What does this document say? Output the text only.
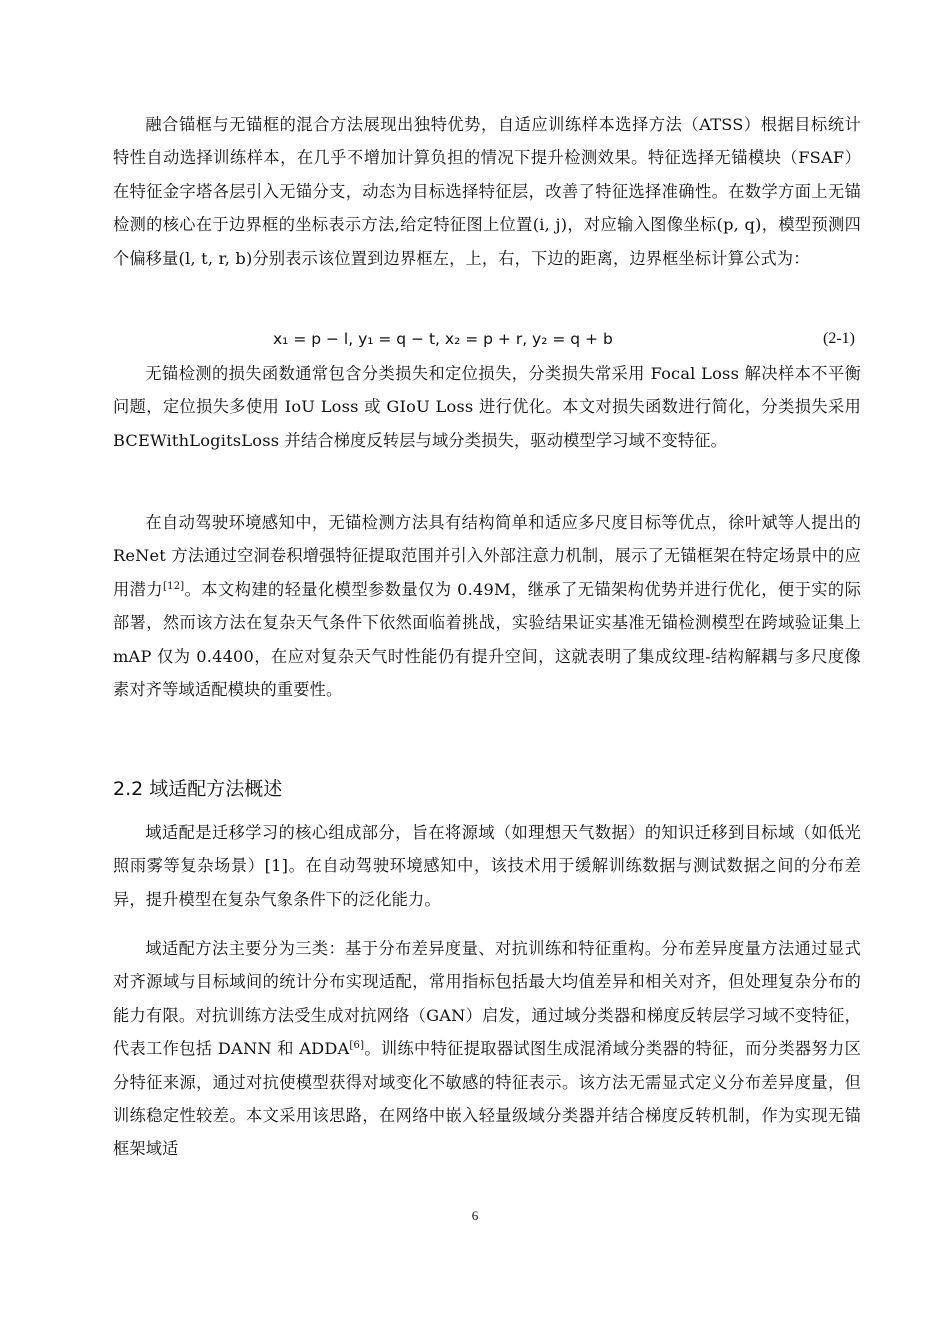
融合锚框与无锚框的混合方法展现出独特优势，自适应训练样本选择方法（ATSS）根据目标统计特性自动选择训练样本，在几乎不增加计算负担的情况下提升检测效果。特征选择无锚模块（FSAF）在特征金字塔各层引入无锚分支，动态为目标选择特征层，改善了特征选择准确性。在数学方面上无锚检测的核心在于边界框的坐标表示方法,给定特征图上位置(i, j)，对应输入图像坐标(p, q)，模型预测四个偏移量(l, t, r, b)分别表示该位置到边界框左，上，右，下边的距离，边界框坐标计算公式为：

x₁ = p − l, y₁ = q − t, x₂ = p + r, y₂ = q + b	(2-1)

无锚检测的损失函数通常包含分类损失和定位损失，分类损失常采用 Focal Loss 解决样本不平衡问题，定位损失多使用 IoU Loss 或 GIoU Loss 进行优化。本文对损失函数进行简化，分类损失采用 BCEWithLogitsLoss 并结合梯度反转层与域分类损失，驱动模型学习域不变特征。

在自动驾驶环境感知中，无锚检测方法具有结构简单和适应多尺度目标等优点，徐叶斌等人提出的 ReNet 方法通过空洞卷积增强特征提取范围并引入外部注意力机制，展示了无锚框架在特定场景中的应用潜力[12]。本文构建的轻量化模型参数量仅为 0.49M，继承了无锚架构优势并进行优化，便于实的际部署，然而该方法在复杂天气条件下依然面临着挑战，实验结果证实基准无锚检测模型在跨域验证集上 mAP 仅为 0.4400，在应对复杂天气时性能仍有提升空间，这就表明了集成纹理-结构解耦与多尺度像素对齐等域适配模块的重要性。

2.2 域适配方法概述

域适配是迁移学习的核心组成部分，旨在将源域（如理想天气数据）的知识迁移到目标域（如低光照雨雾等复杂场景）[1]。在自动驾驶环境感知中，该技术用于缓解训练数据与测试数据之间的分布差异，提升模型在复杂气象条件下的泛化能力。

域适配方法主要分为三类：基于分布差异度量、对抗训练和特征重构。分布差异度量方法通过显式对齐源域与目标域间的统计分布实现适配，常用指标包括最大均值差异和相关对齐，但处理复杂分布的能力有限。对抗训练方法受生成对抗网络（GAN）启发，通过域分类器和梯度反转层学习域不变特征，代表工作包括 DANN 和 ADDA[6]。训练中特征提取器试图生成混淆域分类器的特征，而分类器努力区分特征来源，通过对抗使模型获得对域变化不敏感的特征表示。该方法无需显式定义分布差异度量，但训练稳定性较差。本文采用该思路，在网络中嵌入轻量级域分类器并结合梯度反转机制，作为实现无锚框架域适

6
